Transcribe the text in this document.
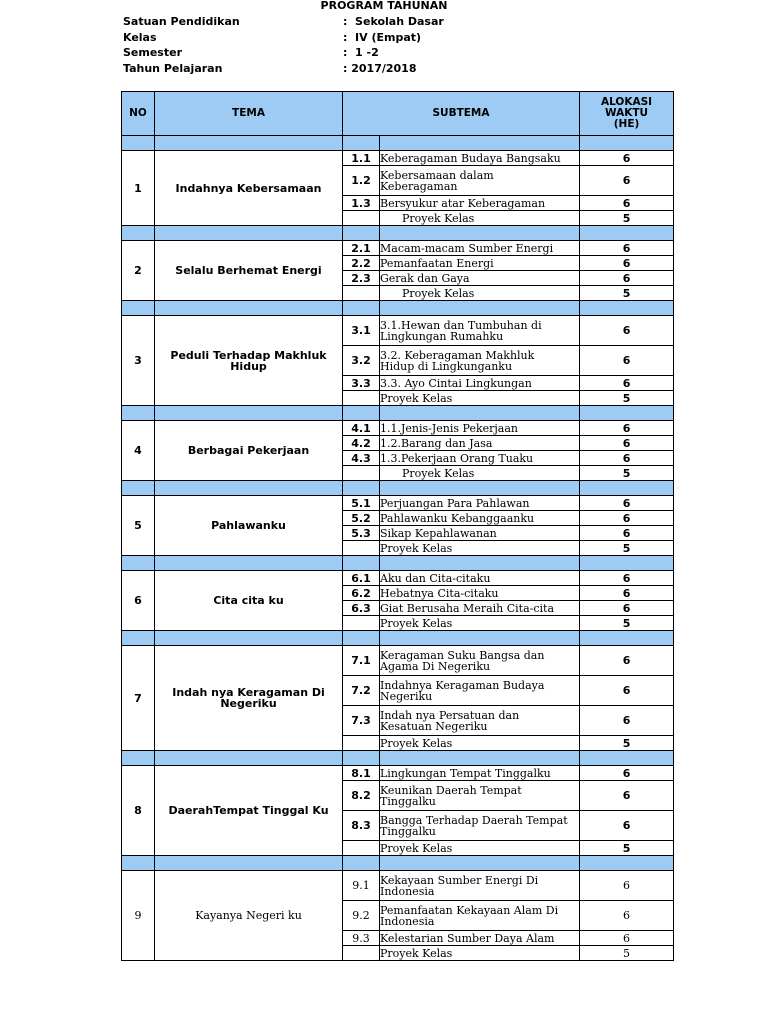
PROGRAM TAHUNAN
Satuan Pendidikan	:  Sekolah Dasar
Kelas	:  IV (Empat)
Semester	:  1 -2
Tahun Pelajaran	: 2017/2018
NO	TEMA	SUBTEMA		ALOKASI
WAKTU
(HE)

1	Indahnya Kebersamaan	1.1	Keberagaman Budaya Bangsaku	6
		1.2	Kebersamaan dalam
Keberagaman	6
		1.3	Bersyukur atar Keberagaman	6
			Proyek Kelas	5

2	Selalu Berhemat Energi	2.1	Macam-macam Sumber Energi	6
		2.2	Pemanfaatan Energi	6
		2.3	Gerak dan Gaya	6
			Proyek Kelas	5

3	Peduli Terhadap Makhluk
Hidup	3.1	3.1.Hewan dan Tumbuhan di
Lingkungan Rumahku	6
		3.2	3.2. Keberagaman Makhluk
Hidup di Lingkunganku	6
		3.3	3.3. Ayo Cintai Lingkungan	6
			Proyek Kelas	5

4	Berbagai Pekerjaan	4.1	1.1.Jenis-Jenis Pekerjaan	6
		4.2	1.2.Barang dan Jasa	6
		4.3	1.3.Pekerjaan Orang Tuaku	6
			Proyek Kelas	5

5	Pahlawanku	5.1	Perjuangan Para Pahlawan	6
		5.2	Pahlawanku Kebanggaanku	6
		5.3	Sikap Kepahlawanan	6
			Proyek Kelas	5

6	Cita cita ku	6.1	Aku dan Cita-citaku	6
		6.2	Hebatnya Cita-citaku	6
		6.3	Giat Berusaha Meraih Cita-cita	6
			Proyek Kelas	5

7	Indah nya Keragaman Di
Negeriku	7.1	Keragaman Suku Bangsa dan
Agama Di Negeriku	6
		7.2	Indahnya Keragaman Budaya
Negeriku	6
		7.3	Indah nya Persatuan dan
Kesatuan Negeriku	6
			Proyek Kelas	5

8	DaerahTempat Tinggal Ku	8.1	Lingkungan Tempat Tinggalku	6
		8.2	Keunikan Daerah Tempat
Tinggalku	6
		8.3	Bangga Terhadap Daerah Tempat
Tinggalku	6
			Proyek Kelas	5

9	Kayanya Negeri ku	9.1	Kekayaan Sumber Energi Di
Indonesia	6
		9.2	Pemanfaatan Kekayaan Alam Di
Indonesia	6
		9.3	Kelestarian Sumber Daya Alam	6
			Proyek Kelas	5
